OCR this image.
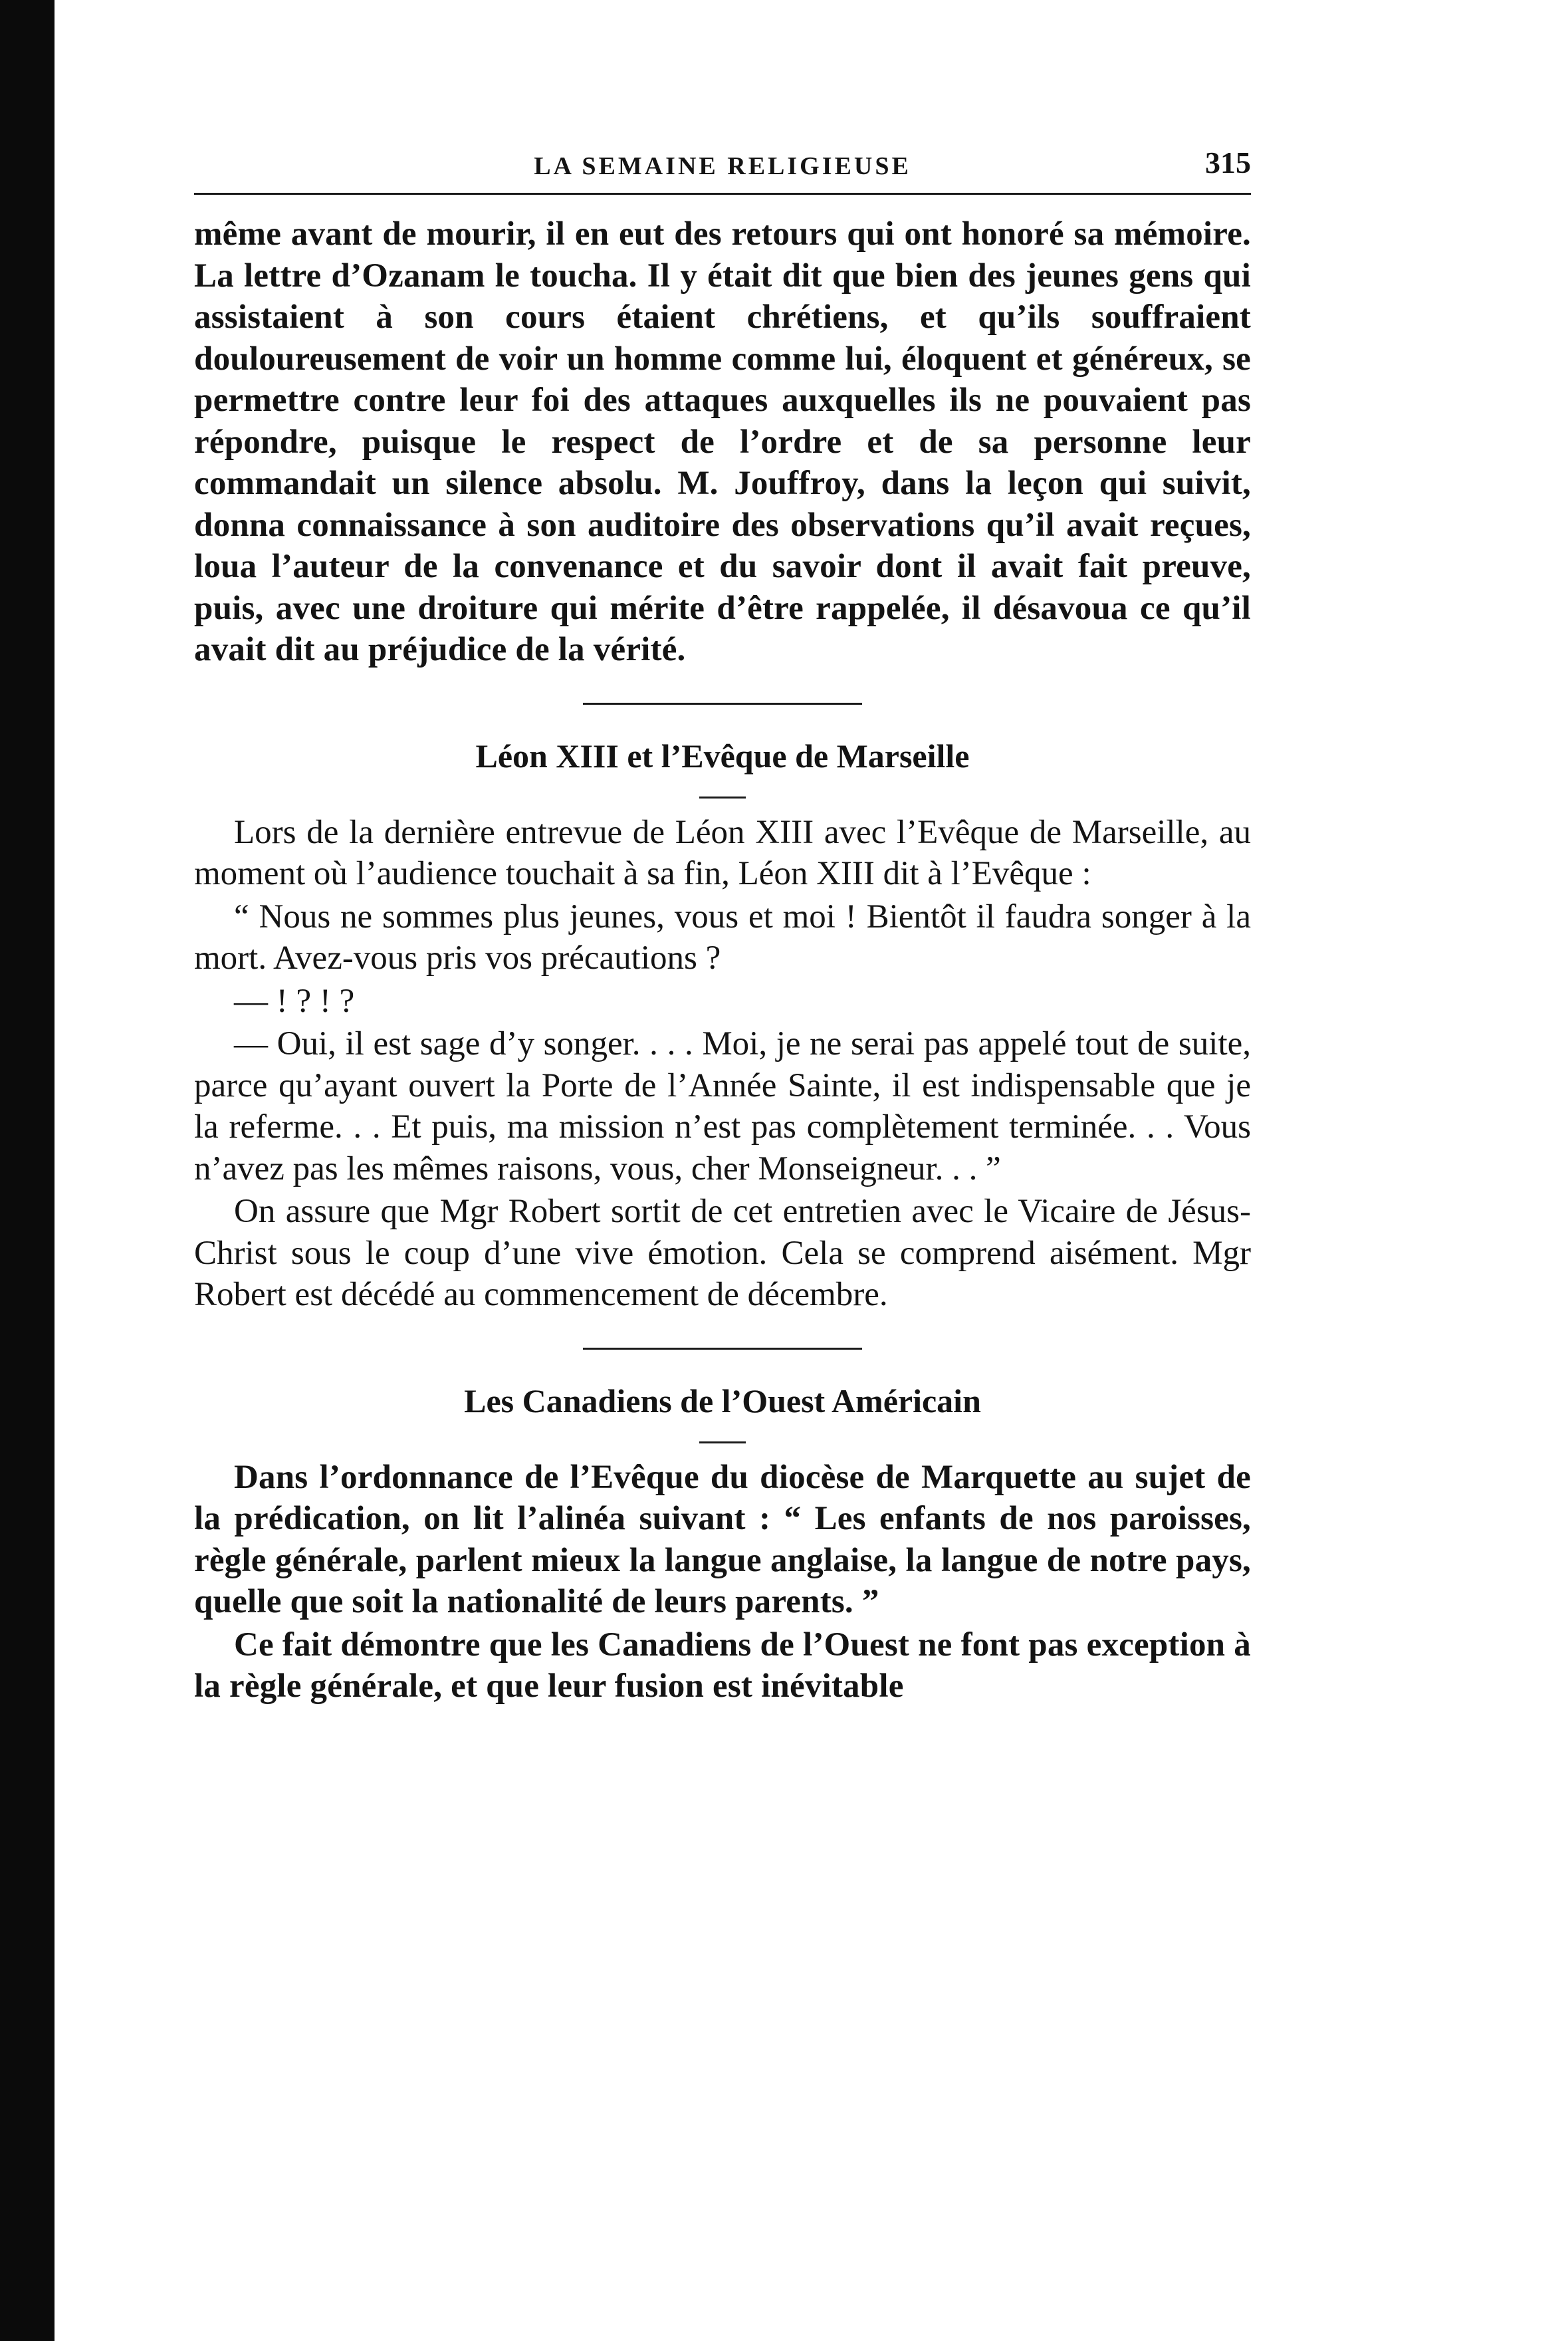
LA SEMAINE RELIGIEUSE	315

même avant de mourir, il en eut des retours qui ont honoré sa mémoire. La lettre d’Ozanam le toucha. Il y était dit que bien des jeunes gens qui assistaient à son cours étaient chrétiens, et qu’ils souffraient douloureusement de voir un homme comme lui, éloquent et généreux, se permettre contre leur foi des attaques auxquelles ils ne pouvaient pas répondre, puisque le respect de l’ordre et de sa personne leur commandait un silence absolu. M. Jouffroy, dans la leçon qui suivit, donna connaissance à son auditoire des observations qu’il avait reçues, loua l’auteur de la convenance et du savoir dont il avait fait preuve, puis, avec une droiture qui mérite d’être rappelée, il désavoua ce qu’il avait dit au préjudice de la vérité.

Léon XIII et l’Evêque de Marseille

Lors de la dernière entrevue de Léon XIII avec l’Evêque de Marseille, au moment où l’audience touchait à sa fin, Léon XIII dit à l’Evêque :

“ Nous ne sommes plus jeunes, vous et moi ! Bientôt il faudra songer à la mort. Avez-vous pris vos précautions ?

— ! ? ! ?

— Oui, il est sage d’y songer. . . . Moi, je ne serai pas appelé tout de suite, parce qu’ayant ouvert la Porte de l’Année Sainte, il est indispensable que je la referme. . . Et puis, ma mission n’est pas complètement terminée. . . Vous n’avez pas les mêmes raisons, vous, cher Monseigneur. . . ”

On assure que Mgr Robert sortit de cet entretien avec le Vicaire de Jésus-Christ sous le coup d’une vive émotion. Cela se comprend aisément. Mgr Robert est décédé au commencement de décembre.

Les Canadiens de l’Ouest Américain

Dans l’ordonnance de l’Evêque du diocèse de Marquette au sujet de la prédication, on lit l’alinéa suivant : “ Les enfants de nos paroisses, règle générale, parlent mieux la langue anglaise, la langue de notre pays, quelle que soit la nationalité de leurs parents. ”

Ce fait démontre que les Canadiens de l’Ouest ne font pas exception à la règle générale, et que leur fusion est inévitable
